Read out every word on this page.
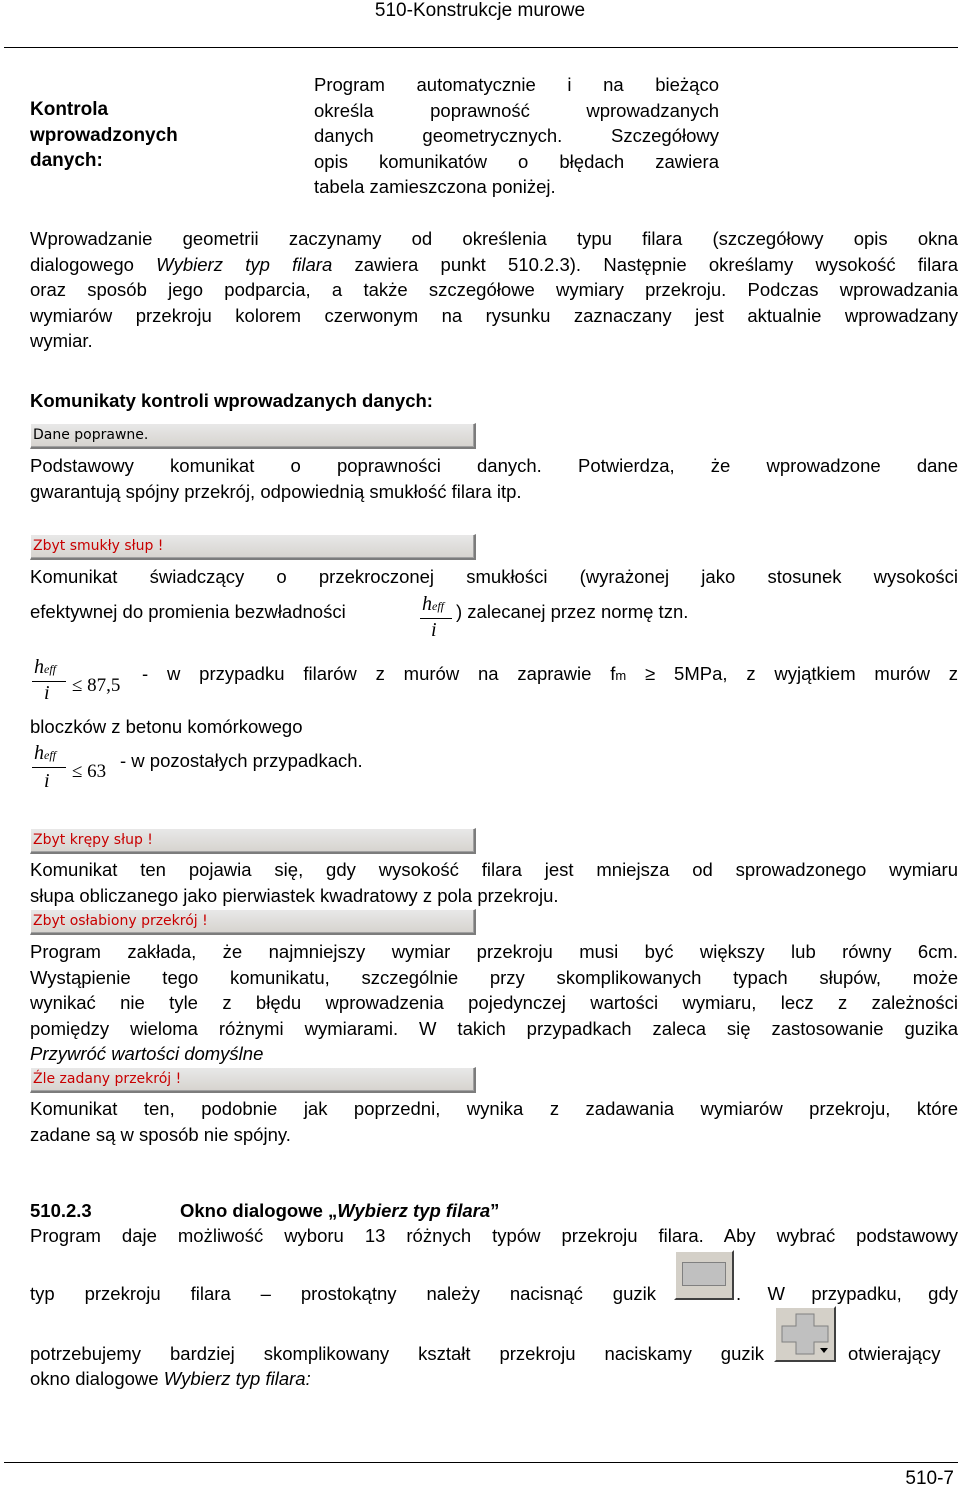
510-Konstrukcje murowe
Kontrola
wprowadzonych
danych:
Program automatycznie i na bieżąco
określa poprawność wprowadzanych
danych geometrycznych. Szczegółowy
opis komunikatów o błędach zawiera
tabela zamieszczona poniżej.
Wprowadzanie geometrii zaczynamy od określenia typu filara (szczegółowy opis okna
dialogowego Wybierz typ filara zawiera punkt 510.2.3). Następnie określamy wysokość filara
oraz sposób jego podparcia, a także szczegółowe wymiary przekroju. Podczas wprowadzania
wymiarów przekroju kolorem czerwonym na rysunku zaznaczany jest aktualnie wprowadzany
wymiar.
Komunikaty kontroli wprowadzanych danych:
Dane poprawne.
Podstawowy komunikat o poprawności danych. Potwierdza, że wprowadzone dane
gwarantują spójny przekrój, odpowiednią smukłość filara itp.
Zbyt smukły słup !
Komunikat świadczący o przekroczonej smukłości (wyrażonej jako stosunek wysokości
efektywnej do promienia bezwładności	heff
i
) zalecanej przez normę tzn.
heff
i ≤ 87,5
- w przypadku filarów z murów na zaprawie fm ≥ 5MPa, z wyjątkiem murów z
bloczków z betonu komórkowego
heff
i ≤ 63
- w pozostałych przypadkach.
Zbyt krępy słup !
Komunikat ten pojawia się, gdy wysokość filara jest mniejsza od sprowadzonego wymiaru
słupa obliczanego jako pierwiastek kwadratowy z pola przekroju.
Zbyt osłabiony przekrój !
Program zakłada, że najmniejszy wymiar przekroju musi być większy lub równy 6cm.
Wystąpienie tego komunikatu, szczególnie przy skomplikowanych typach słupów, może
wynikać nie tyle z błędu wprowadzenia pojedynczej wartości wymiaru, lecz z zależności
pomiędzy wieloma różnymi wymiarami. W takich przypadkach zaleca się zastosowanie guzika
Przywróć wartości domyślne
Źle zadany przekrój !
Komunikat ten, podobnie jak poprzedni, wynika z zadawania wymiarów przekroju, które
zadane są w sposób nie spójny.
510.2.3	Okno dialogowe „Wybierz typ filara”
Program daje możliwość wyboru 13 różnych typów przekroju filara. Aby wybrać podstawowy
typ przekroju filara – prostokątny należy nacisnąć guzik	. W przypadku, gdy
potrzebujemy bardziej skomplikowany kształt przekroju naciskamy guzik	otwierający
okno dialogowe Wybierz typ filara:
510-7
